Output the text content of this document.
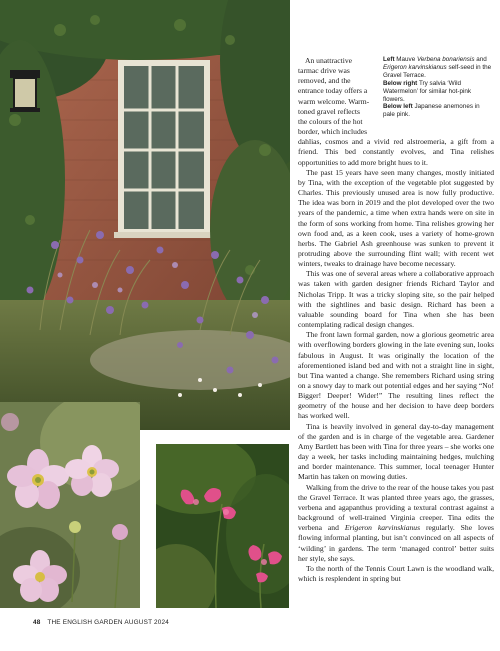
Left Mauve Verbena bonariensis and Erigeron karvinskianus self-seed in the Gravel Terrace.
Below right Try salvia ‘Wild Watermelon’ for similar hot-pink flowers.
Below left Japanese anemones in pale pink.
An unattractive
tarmac drive was
removed, and the
entrance today offers a
warm welcome. Warm-
toned gravel reflects
the colours of the hot
border, which includes

dahlias, cosmos and a vivid red alstroemeria, a gift from a friend. This bed constantly evolves, and Tina relishes opportunities to add more bright hues to it.

The past 15 years have seen many changes, mostly initiated by Tina, with the exception of the vegetable plot suggested by Charles. This previously unused area is now fully productive. The idea was born in 2019 and the plot developed over the two years of the pandemic, a time when extra hands were on site in the form of sons working from home. Tina relishes growing her own food and, as a keen cook, uses a variety of home-grown herbs. The Gabriel Ash greenhouse was sunken to prevent it protruding above the surrounding flint wall; with recent wet winters, tweaks to drainage have become necessary.

This was one of several areas where a collaborative approach was taken with garden designer friends Richard Taylor and Nicholas Tripp. It was a tricky sloping site, so the pair helped with the sightlines and basic design. Richard has been a valuable sounding board for Tina when she has been contemplating radical design changes.

The front lawn formal garden, now a glorious geometric area with overflowing borders glowing in the late evening sun, looks fabulous in August. It was originally the location of the aforementioned island bed and with not a straight line in sight, but Tina wanted a change. She remembers Richard using string on a snowy day to mark out potential edges and her saying “No! Bigger! Deeper! Wider!” The resulting lines reflect the geometry of the house and her decision to have deep borders has worked well.

Tina is heavily involved in general day-to-day management of the garden and is in charge of the vegetable area. Gardener Amy Bartlett has been with Tina for three years – she works one day a week, her tasks including maintaining hedges, mulching and border maintenance. This summer, local teenager Hunter Martin has taken on mowing duties.

Walking from the drive to the rear of the house takes you past the Gravel Terrace. It was planted three years ago, the grasses, verbena and agapanthus providing a textural contrast against a background of well-trained Virginia creeper. Tina edits the verbena and Erigeron karvinskianus regularly. She loves flowing informal planting, but isn’t convinced on all aspects of ‘wilding’ in gardens. The term ‘managed control’ better suits her style, she says.

To the north of the Tennis Court Lawn is the woodland walk, which is resplendent in spring but

48 THE ENGLISH GARDEN AUGUST 2024
